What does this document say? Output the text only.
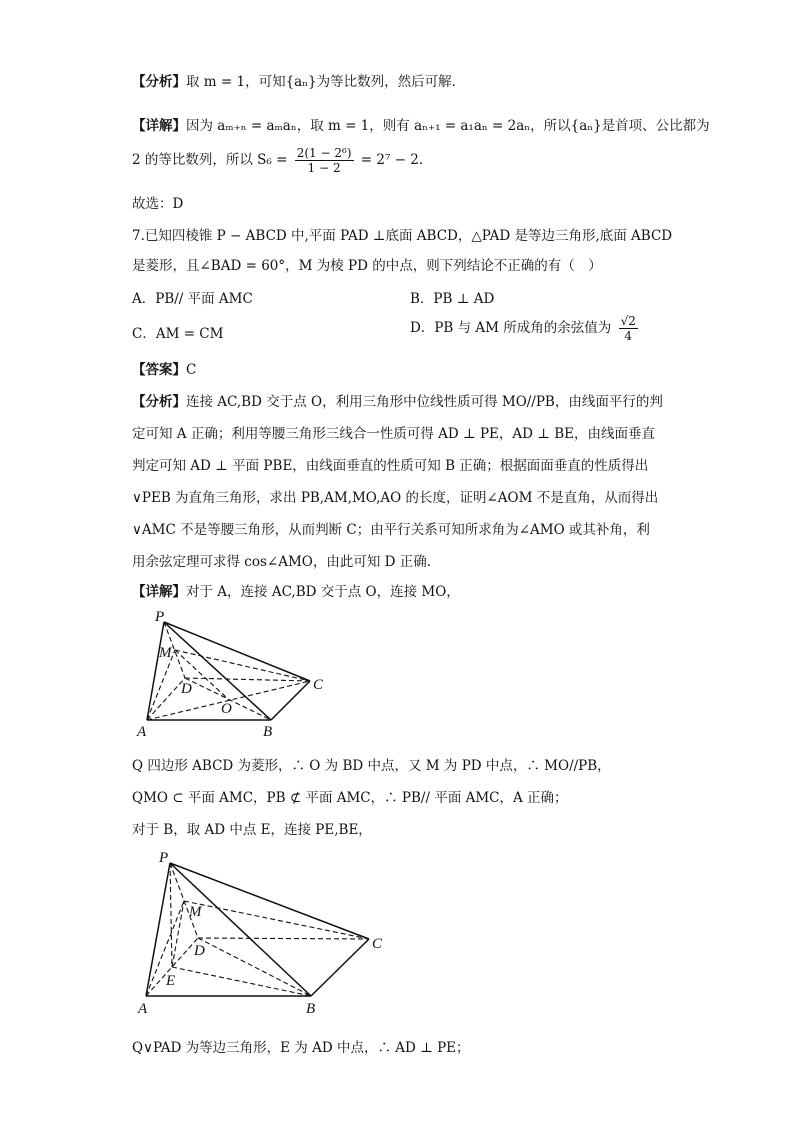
【分析】取 m = 1，可知{aₙ}为等比数列，然后可解.
【详解】因为 aₘ₊ₙ = aₘaₙ，取 m = 1，则有 aₙ₊₁ = a₁aₙ = 2aₙ，所以{aₙ}是首项、公比都为
2 的等比数列，所以 $S_6 = \frac{\text{2(1 − 2⁶)}}{1 - 2} = 2^7 - 2$.
故选：D
7.已知四棱锥 P − ABCD 中,平面 PAD ⊥底面 ABCD，△PAD 是等边三角形,底面 ABCD
是菱形，且∠BAD = 60°，M 为棱 PD 的中点，则下列结论不正确的有（　）
A．PB// 平面 AMC	B．PB ⊥ AD
C．AM = CM	D．PB 与 AM 所成角的余弦值为 $\frac{√2}{4}$
【答案】C
【分析】连接 AC,BD 交于点 O，利用三角形中位线性质可得 MO//PB，由线面平行的判
定可知 A 正确；利用等腰三角形三线合一性质可得 AD ⊥ PE，AD ⊥ BE，由线面垂直
判定可知 AD ⊥ 平面 PBE，由线面垂直的性质可知 B 正确；根据面面垂直的性质得出
∨PEB 为直角三角形，求出 PB,AM,MO,AO 的长度，证明∠AOM 不是直角，从而得出
∨AMC 不是等腰三角形，从而判断 C；由平行关系可知所求角为∠AMO 或其补角，利
用余弦定理可求得 cos∠AMO，由此可知 D 正确.
【详解】对于 A，连接 AC,BD 交于点 O，连接 MO，
P
M
D	C
O
A	B
Q 四边形 ABCD 为菱形，∴ O 为 BD 中点，又 M 为 PD 中点，∴ MO//PB，
QMO ⊂ 平面 AMC，PB ⊄ 平面 AMC，∴ PB// 平面 AMC，A 正确；
对于 B，取 AD 中点 E，连接 PE,BE，
P
M
D	C
E
A	B
Q∨PAD 为等边三角形，E 为 AD 中点，∴ AD ⊥ PE；
